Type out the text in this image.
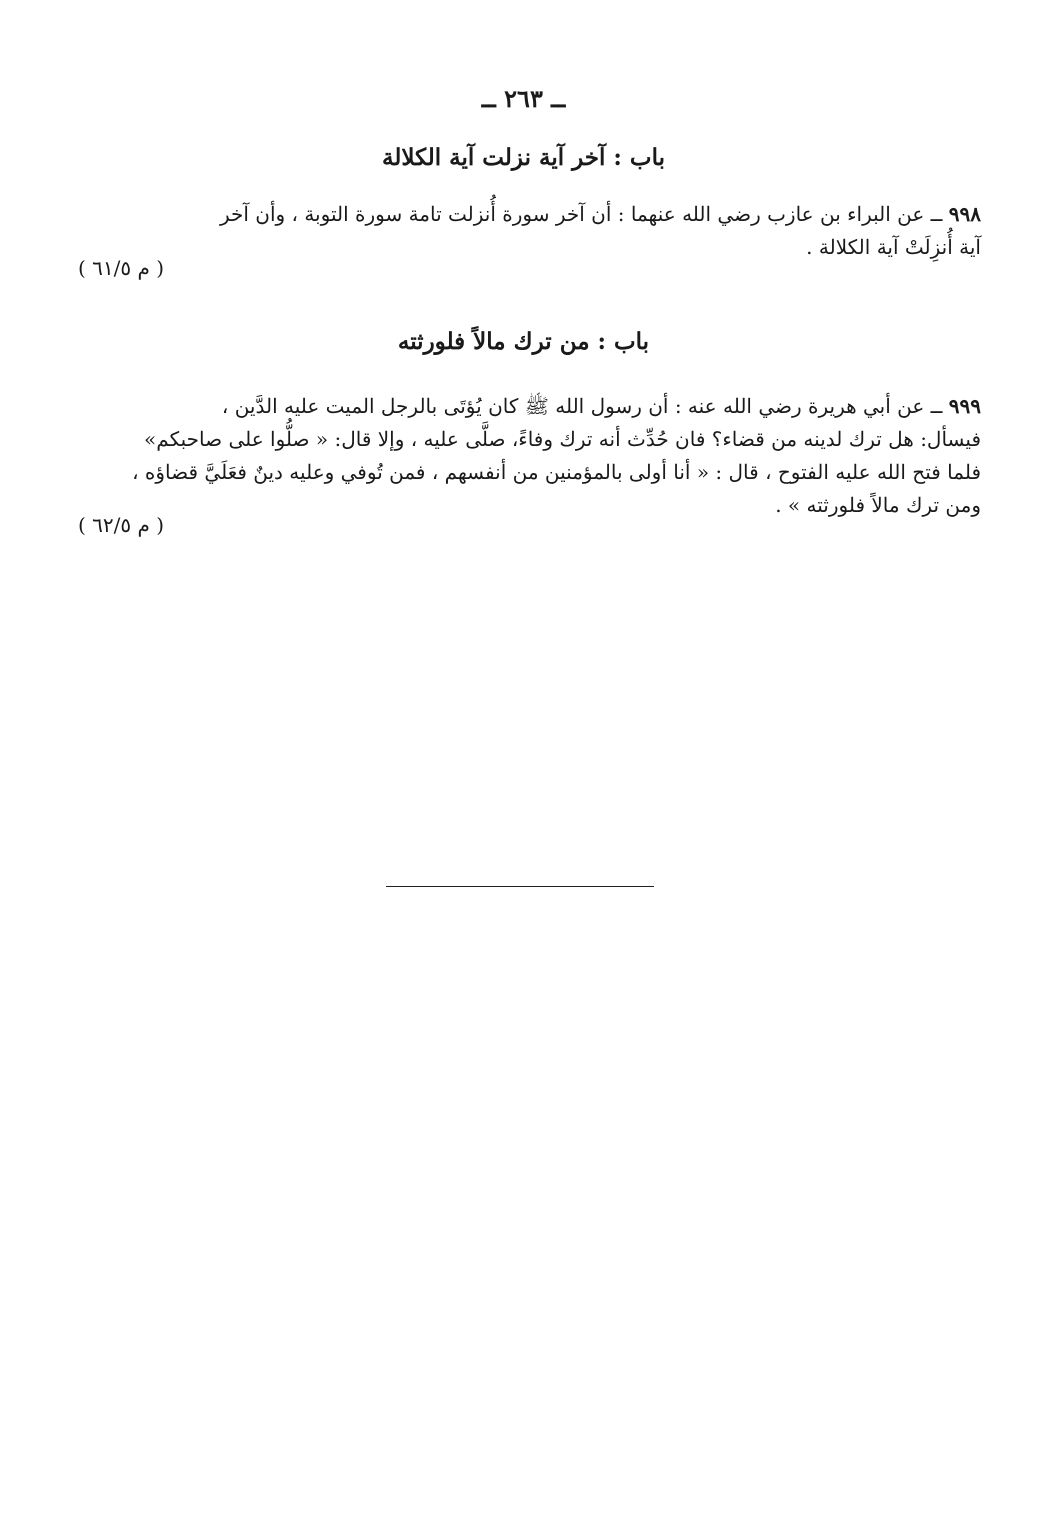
ــ ٢٦٣ ــ
باب : آخر آية نزلت آية الكلالة
٩٩٨ ــ عن البراء بن عازب رضي الله عنهما : أن آخر سورة أُنزلت تامة سورة التوبة ، وأن آخر
آية أُنزِلَتْ آية الكلالة .
( م ٦١/٥ )
باب : من ترك مالاً فلورثته
٩٩٩ ــ عن أبي هريرة رضي الله عنه : أن رسول الله ﷺ كان يُؤتَى بالرجل الميت عليه الدَّين ،
فيسأل: هل ترك لدينه من قضاء؟ فان حُدِّث أنه ترك وفاءً، صلَّى عليه ، وإلا قال: « صلُّوا على صاحبكم»
فلما فتح الله عليه الفتوح ، قال : « أنا أولى بالمؤمنين من أنفسهم ، فمن تُوفي وعليه دينٌ فعَلَيَّ قضاؤه ،
ومن ترك مالاً فلورثته » .
( م ٦٢/٥ )
